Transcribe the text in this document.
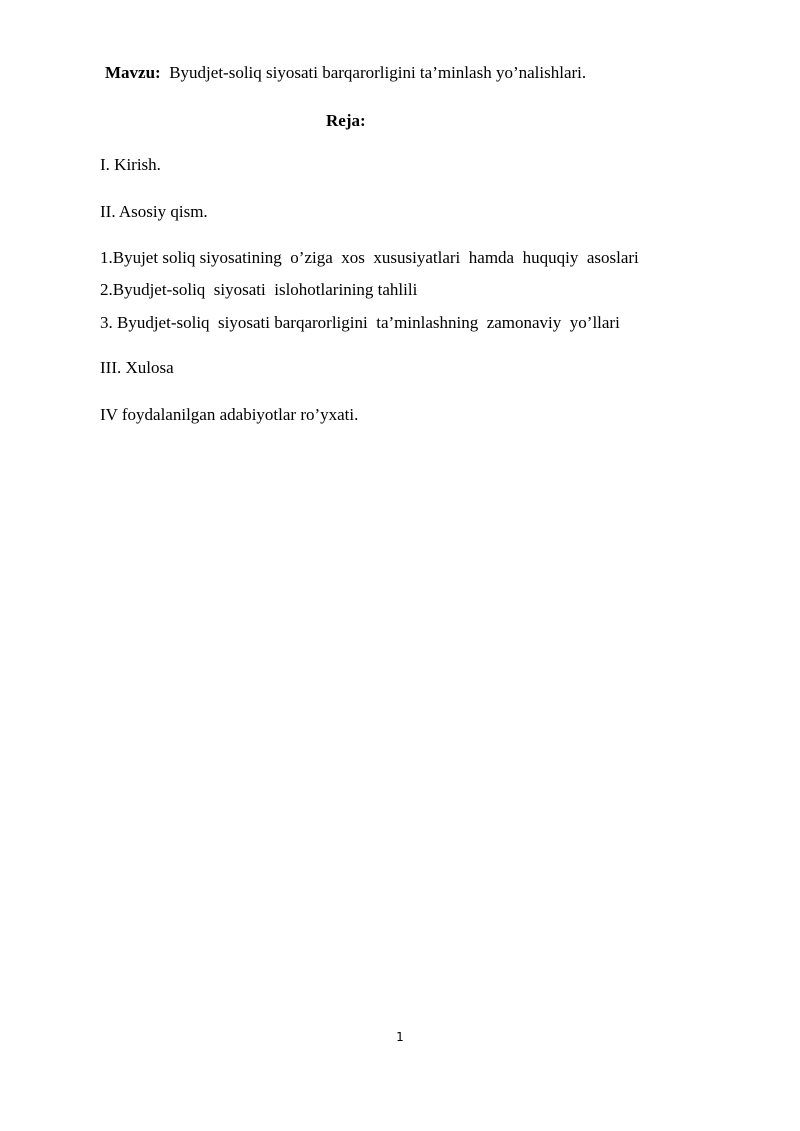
Mavzu:  Byudjet-soliq siyosati barqarorligini ta’minlash yo’nalishlari.
Reja:
I. Kirish.
II. Asosiy qism.
1.Byujet soliq siyosatining  o’ziga  xos  xususiyatlari  hamda  huquqiy  asoslari
2.Byudjet-soliq  siyosati  islohotlarining tahlili
3. Byudjet-soliq  siyosati barqarorligini  ta’minlashning  zamonaviy  yo’llari
III. Xulosa
IV foydalanilgan adabiyotlar ro’yxati.
1
